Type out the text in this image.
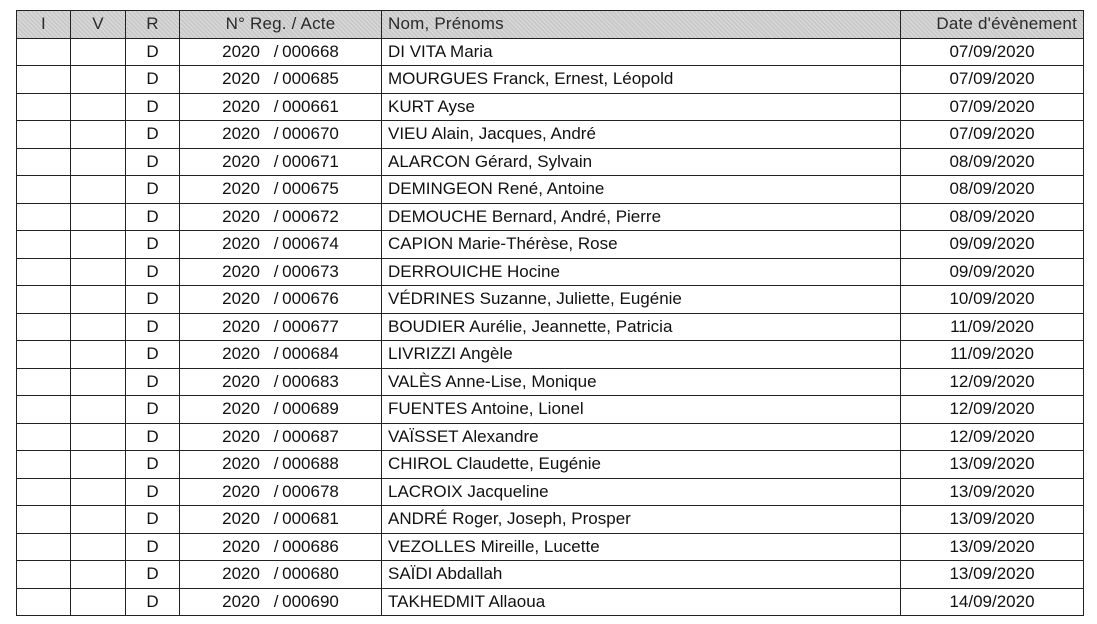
I	V	R	N° Reg. / Acte	Nom, Prénoms	Date d'évènement
		D	2020 / 000668	DI VITA Maria	07/09/2020
		D	2020 / 000685	MOURGUES Franck, Ernest, Léopold	07/09/2020
		D	2020 / 000661	KURT Ayse	07/09/2020
		D	2020 / 000670	VIEU Alain, Jacques, André	07/09/2020
		D	2020 / 000671	ALARCON Gérard, Sylvain	08/09/2020
		D	2020 / 000675	DEMINGEON René, Antoine	08/09/2020
		D	2020 / 000672	DEMOUCHE Bernard, André, Pierre	08/09/2020
		D	2020 / 000674	CAPION Marie-Thérèse, Rose	09/09/2020
		D	2020 / 000673	DERROUICHE Hocine	09/09/2020
		D	2020 / 000676	VÉDRINES Suzanne, Juliette, Eugénie	10/09/2020
		D	2020 / 000677	BOUDIER Aurélie, Jeannette, Patricia	11/09/2020
		D	2020 / 000684	LIVRIZZI Angèle	11/09/2020
		D	2020 / 000683	VALÈS Anne-Lise, Monique	12/09/2020
		D	2020 / 000689	FUENTES Antoine, Lionel	12/09/2020
		D	2020 / 000687	VAÏSSET Alexandre	12/09/2020
		D	2020 / 000688	CHIROL Claudette, Eugénie	13/09/2020
		D	2020 / 000678	LACROIX Jacqueline	13/09/2020
		D	2020 / 000681	ANDRÉ Roger, Joseph, Prosper	13/09/2020
		D	2020 / 000686	VEZOLLES Mireille, Lucette	13/09/2020
		D	2020 / 000680	SAÏDI Abdallah	13/09/2020
		D	2020 / 000690	TAKHEDMIT Allaoua	14/09/2020
